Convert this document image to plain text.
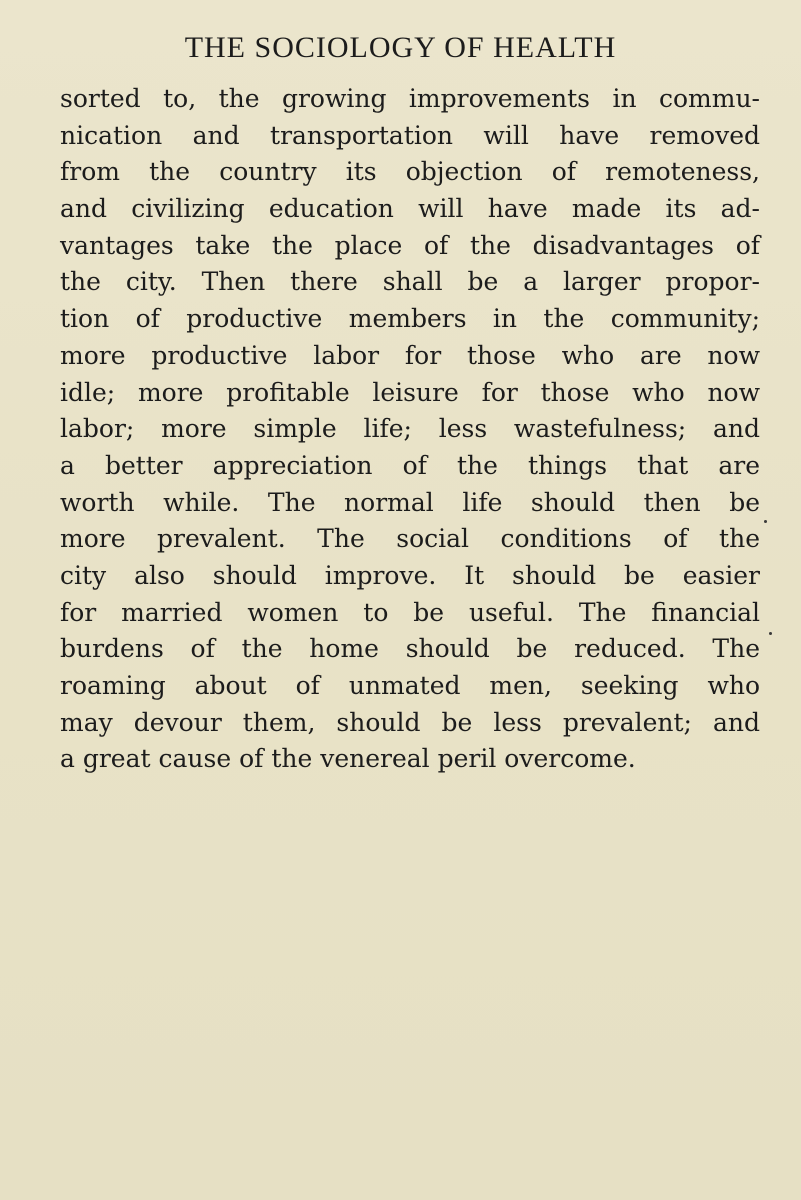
THE SOCIOLOGY OF HEALTH
sorted to, the growing improvements in commu-
nication and transportation will have removed
from the country its objection of remoteness,
and civilizing education will have made its ad-
vantages take the place of the disadvantages of
the city. Then there shall be a larger propor-
tion of productive members in the community;
more productive labor for those who are now
idle; more profitable leisure for those who now
labor; more simple life; less wastefulness; and
a better appreciation of the things that are
worth while. The normal life should then be
more prevalent. The social conditions of the
city also should improve. It should be easier
for married women to be useful. The financial
burdens of the home should be reduced. The
roaming about of unmated men, seeking who
may devour them, should be less prevalent; and
a great cause of the venereal peril overcome.
